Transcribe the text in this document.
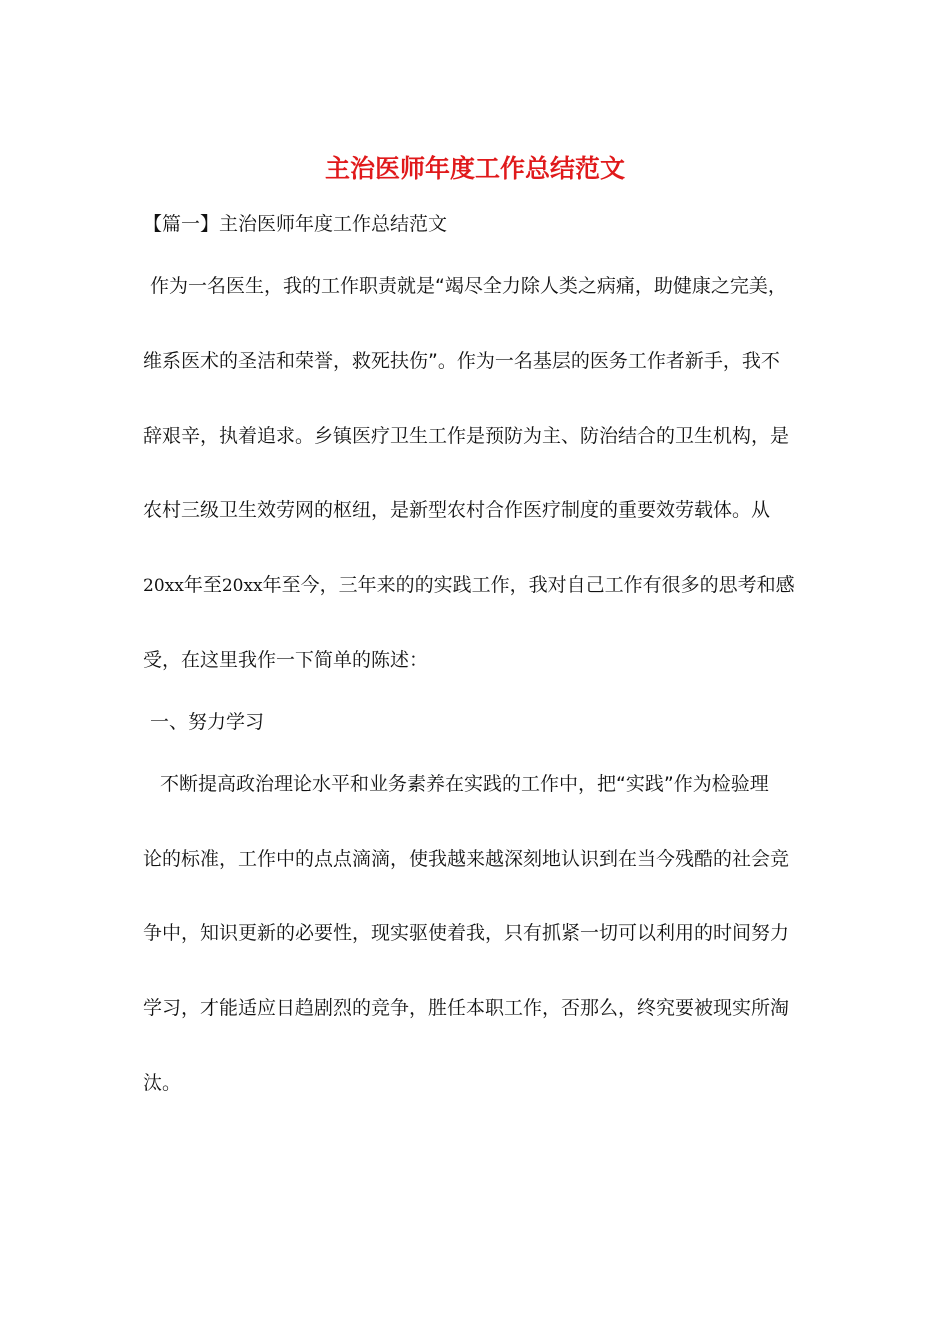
主治医师年度工作总结范文
【篇一】主治医师年度工作总结范文
作为一名医生，我的工作职责就是“竭尽全力除人类之病痛，助健康之完美，
维系医术的圣洁和荣誉，救死扶伤”。作为一名基层的医务工作者新手，我不
辞艰辛，执着追求。乡镇医疗卫生工作是预防为主、防治结合的卫生机构，是
农村三级卫生效劳网的枢纽，是新型农村合作医疗制度的重要效劳载体。从
20xx年至20xx年至今，三年来的的实践工作，我对自己工作有很多的思考和感
受，在这里我作一下简单的陈述：
一、努力学习
不断提高政治理论水平和业务素养在实践的工作中，把“实践”作为检验理
论的标准，工作中的点点滴滴，使我越来越深刻地认识到在当今残酷的社会竞
争中，知识更新的必要性，现实驱使着我，只有抓紧一切可以利用的时间努力
学习，才能适应日趋剧烈的竞争，胜任本职工作，否那么，终究要被现实所淘
汰。
